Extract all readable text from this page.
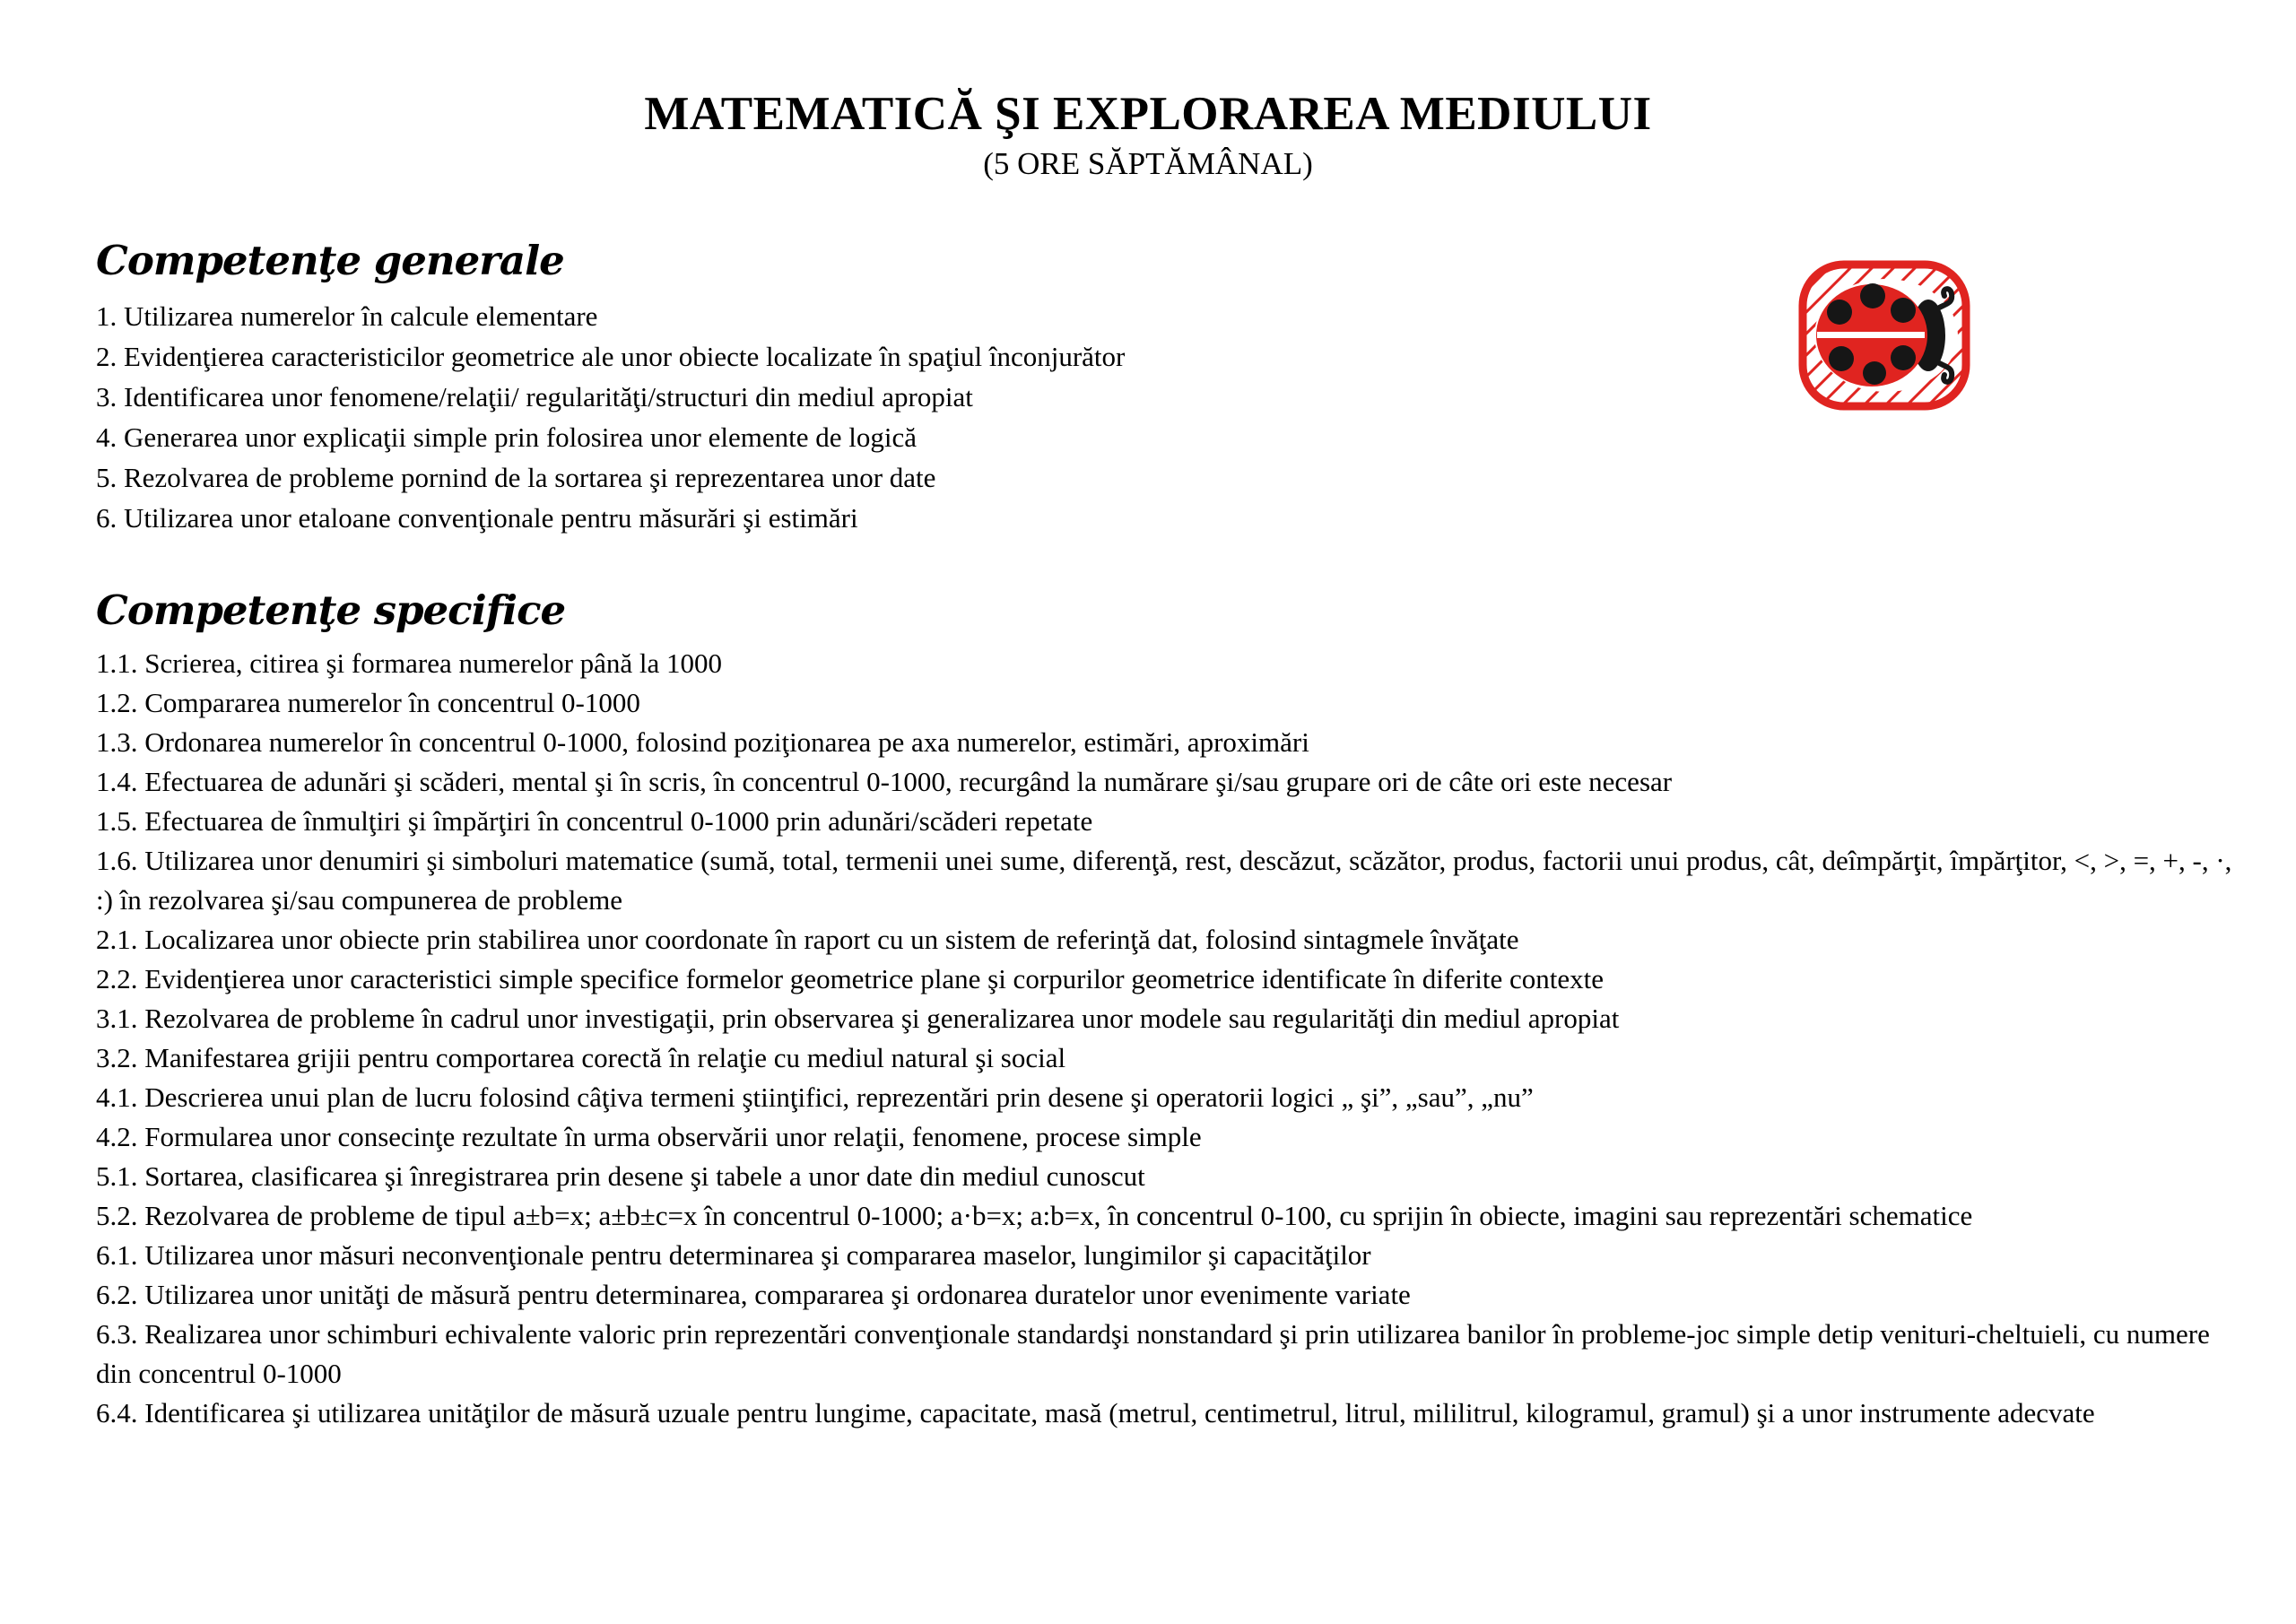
MATEMATICĂ ŞI EXPLORAREA MEDIULUI
(5 ORE SĂPTĂMÂNAL)
Competenţe generale
1. Utilizarea numerelor în calcule elementare
2. Evidenţierea caracteristicilor geometrice ale unor obiecte localizate în spaţiul înconjurător
3. Identificarea unor fenomene/relaţii/ regularităţi/structuri din mediul apropiat
4. Generarea unor explicaţii simple prin folosirea unor elemente de logică
5. Rezolvarea de probleme pornind de la sortarea şi reprezentarea unor date
6. Utilizarea unor etaloane convenţionale pentru măsurări şi estimări
Competenţe specifice
1.1. Scrierea, citirea şi formarea numerelor până la 1000
1.2. Compararea numerelor în concentrul 0-1000
1.3. Ordonarea numerelor în concentrul 0-1000, folosind poziţionarea pe axa numerelor, estimări, aproximări
1.4. Efectuarea de adunări şi scăderi, mental şi în scris, în concentrul 0-1000, recurgând la numărare şi/sau grupare ori de câte ori este necesar
1.5. Efectuarea de înmulţiri şi împărţiri în concentrul 0-1000 prin adunări/scăderi repetate
1.6. Utilizarea unor denumiri şi simboluri matematice (sumă, total, termenii unei sume, diferenţă, rest, descăzut, scăzător, produs, factorii unui produs, cât, deîmpărţit, împărţitor, <, >, =, +, -, ·, :) în rezolvarea şi/sau compunerea de probleme
2.1. Localizarea unor obiecte prin stabilirea unor coordonate în raport cu un sistem de referinţă dat, folosind sintagmele învăţate
2.2. Evidenţierea unor caracteristici simple specifice formelor geometrice plane şi corpurilor geometrice identificate în diferite contexte
3.1. Rezolvarea de probleme în cadrul unor investigaţii, prin observarea şi generalizarea unor modele sau regularităţi din mediul apropiat
3.2. Manifestarea grijii pentru comportarea corectă în relaţie cu mediul natural şi social
4.1. Descrierea unui plan de lucru folosind câţiva termeni ştiinţifici, reprezentări prin desene şi operatorii logici „ şi”, „sau”, „nu”
4.2. Formularea unor consecinţe rezultate în urma observării unor relaţii, fenomene, procese simple
5.1. Sortarea, clasificarea şi înregistrarea prin desene şi tabele a unor date din mediul cunoscut
5.2. Rezolvarea de probleme de tipul a±b=x; a±b±c=x în concentrul 0-1000; a·b=x; a:b=x, în concentrul 0-100, cu sprijin în obiecte, imagini sau reprezentări schematice
6.1. Utilizarea unor măsuri neconvenţionale pentru determinarea şi compararea maselor, lungimilor şi capacităţilor
6.2. Utilizarea unor unităţi de măsură pentru determinarea, compararea şi ordonarea duratelor unor evenimente variate
6.3. Realizarea unor schimburi echivalente valoric prin reprezentări convenţionale standardşi nonstandard şi prin utilizarea banilor în probleme-joc simple detip venituri-cheltuieli, cu numere din concentrul 0-1000
6.4. Identificarea şi utilizarea unităţilor de măsură uzuale pentru lungime, capacitate, masă (metrul, centimetrul, litrul, mililitrul, kilogramul, gramul) şi a unor instrumente adecvate
